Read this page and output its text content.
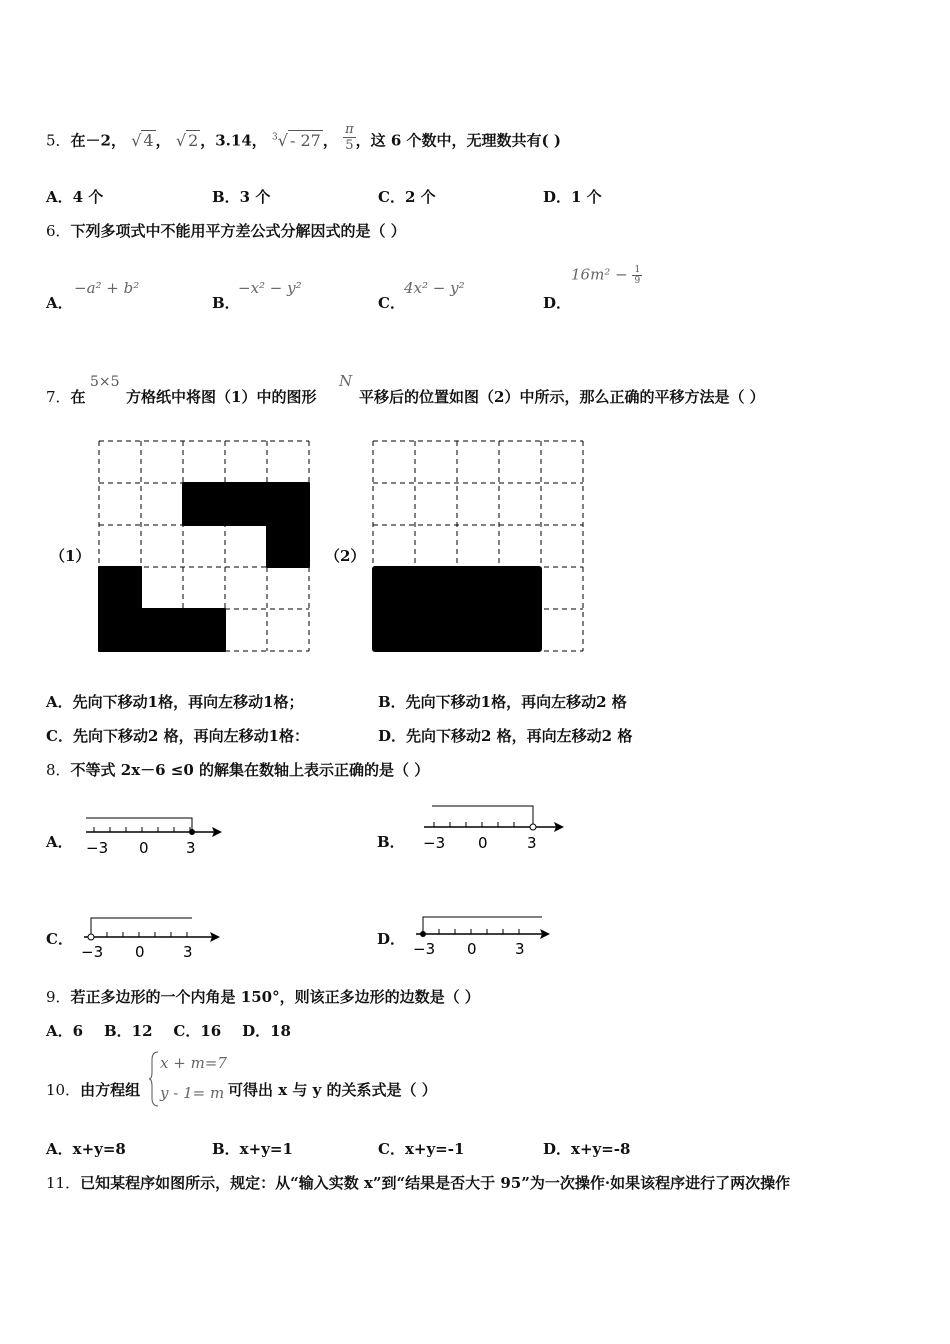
5．在－2， √ 4 ， √ 2 ，3.14， $^3$√ - 27 ， $\frac{\pi}{5}$ ，这 6 个数中，无理数共有( )
A．4 个	B．3 个	C．2 个	D．1 个
6．下列多项式中不能用平方差公式分解因式的是（ ）
A．
−a² + b²
B．
−x² − y²
C．
4x² − y²
D．
$16m^2 - \frac{1}{9}$
7．在
5×5
方格纸中将图（1）中的图形
N
平移后的位置如图（2）中所示，那么正确的平移方法是（ ）
（1）	（2）
A．先向下移动1格，再向左移动1格；	B．先向下移动1格，再向左移动2 格
C．先向下移动2 格，再向左移动1格：	D．先向下移动2 格，再向左移动2 格
8．不等式 2x－6 ≤0 的解集在数轴上表示正确的是（ ）
A． −3 0 3	B． −3 0	3
C．
−3 0	3
D．
−3 0	3
9．若正多边形的一个内角是 150°，则该正多边形的边数是（ ）
A．6    B．12    C．16    D．18
10．由方程组
x + m=7
y - 1= m 可得出 x 与 y 的关系式是（ ）
A．x+y=8	B．x+y=1	C．x+y=-1	D．x+y=-8
11．已知某程序如图所示，规定：从“输入实数 x”到“结果是否大于 95”为一次操作·如果该程序进行了两次操作
